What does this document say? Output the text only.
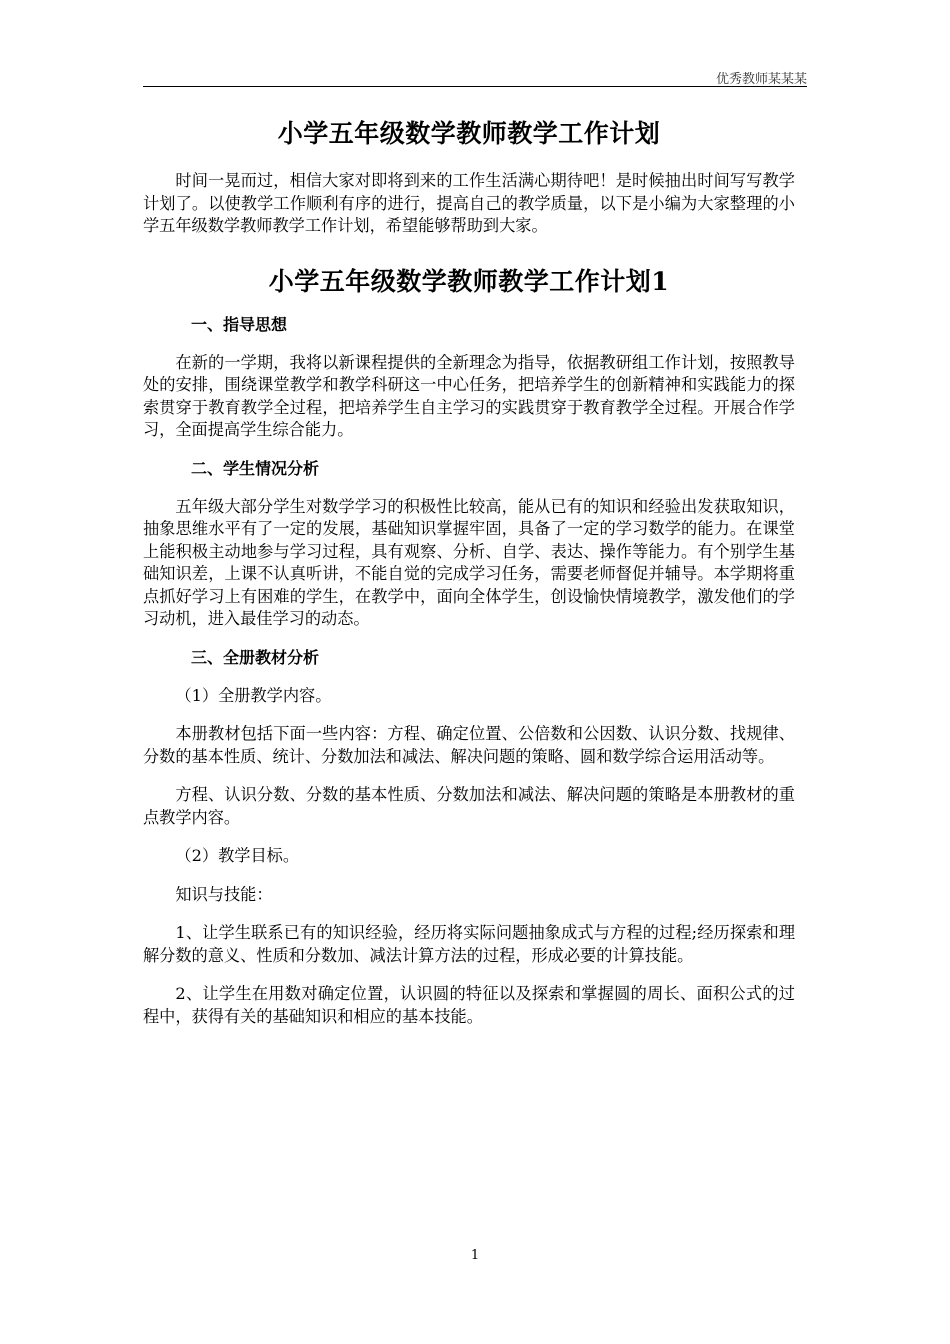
优秀教师某某某
小学五年级数学教师教学工作计划

时间一晃而过，相信大家对即将到来的工作生活满心期待吧！是时候抽出时间写写教学计划了。以使教学工作顺利有序的进行，提高自己的教学质量，以下是小编为大家整理的小学五年级数学教师教学工作计划，希望能够帮助到大家。

小学五年级数学教师教学工作计划1
一、指导思想

在新的一学期，我将以新课程提供的全新理念为指导，依据教研组工作计划，按照教导处的安排，围绕课堂教学和教学科研这一中心任务，把培养学生的创新精神和实践能力的探索贯穿于教育教学全过程，把培养学生自主学习的实践贯穿于教育教学全过程。开展合作学习，全面提高学生综合能力。

二、学生情况分析

五年级大部分学生对数学学习的积极性比较高，能从已有的知识和经验出发获取知识，抽象思维水平有了一定的发展，基础知识掌握牢固，具备了一定的学习数学的能力。在课堂上能积极主动地参与学习过程，具有观察、分析、自学、表达、操作等能力。有个别学生基础知识差，上课不认真听讲，不能自觉的完成学习任务，需要老师督促并辅导。本学期将重点抓好学习上有困难的学生，在教学中，面向全体学生，创设愉快情境教学，激发他们的学习动机，进入最佳学习的动态。

三、全册教材分析

（1）全册教学内容。

本册教材包括下面一些内容：方程、确定位置、公倍数和公因数、认识分数、找规律、分数的基本性质、统计、分数加法和减法、解决问题的策略、圆和数学综合运用活动等。

方程、认识分数、分数的基本性质、分数加法和减法、解决问题的策略是本册教材的重点教学内容。

（2）教学目标。

知识与技能：

1、让学生联系已有的知识经验，经历将实际问题抽象成式与方程的过程;经历探索和理解分数的意义、性质和分数加、减法计算方法的过程，形成必要的计算技能。

2、让学生在用数对确定位置，认识圆的特征以及探索和掌握圆的周长、面积公式的过程中，获得有关的基础知识和相应的基本技能。

1
